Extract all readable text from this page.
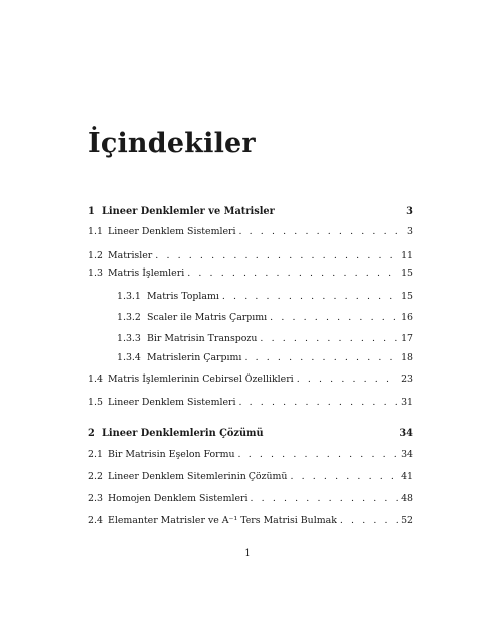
İçindekiler
1 Lineer Denklemler ve Matrisler	3
1.1 Lineer Denklem Sistemleri . . .	3
1.2 Matrisler . . .	11
1.3 Matris İşlemleri . . .	15
1.3.1 Matris Toplamı . . .	15
1.3.2 Scaler ile Matris Çarpımı . . .	16
1.3.3 Bir Matrisin Transpozu . . .	17
1.3.4 Matrislerin Çarpımı . . .	18
1.4 Matris İşlemlerinin Cebirsel Özellikleri . . .	23
1.5 Lineer Denklem Sistemleri . . .	31
2 Lineer Denklemlerin Çözümü	34
2.1 Bir Matrisin Eşelon Formu . . .	34
2.2 Lineer Denklem Sitemlerinin Çözümü . . .	41
2.3 Homojen Denklem Sistemleri . . .	48
2.4 Elemanter Matrisler ve A⁻¹ Ters Matrisi Bulmak . . .	52
1
